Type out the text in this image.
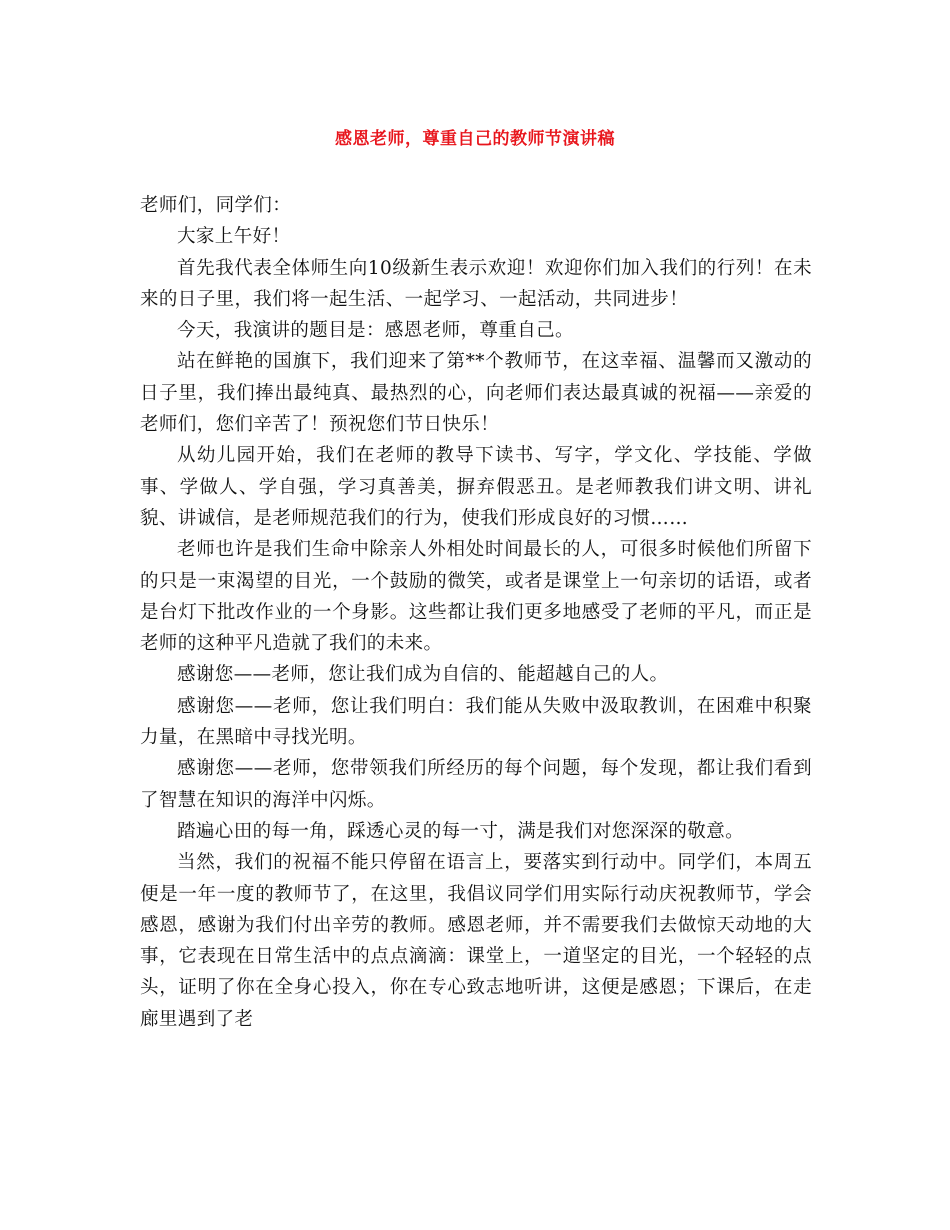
感恩老师，尊重自己的教师节演讲稿

老师们，同学们：

大家上午好！

首先我代表全体师生向10级新生表示欢迎！欢迎你们加入我们的行列！在未来的日子里，我们将一起生活、一起学习、一起活动，共同进步！

今天，我演讲的题目是：感恩老师，尊重自己。

站在鲜艳的国旗下，我们迎来了第**个教师节，在这幸福、温馨而又激动的日子里，我们捧出最纯真、最热烈的心，向老师们表达最真诚的祝福——亲爱的老师们，您们辛苦了！预祝您们节日快乐！

从幼儿园开始，我们在老师的教导下读书、写字，学文化、学技能、学做事、学做人、学自强，学习真善美，摒弃假恶丑。是老师教我们讲文明、讲礼貌、讲诚信，是老师规范我们的行为，使我们形成良好的习惯……

老师也许是我们生命中除亲人外相处时间最长的人，可很多时候他们所留下的只是一束渴望的目光，一个鼓励的微笑，或者是课堂上一句亲切的话语，或者是台灯下批改作业的一个身影。这些都让我们更多地感受了老师的平凡，而正是老师的这种平凡造就了我们的未来。

感谢您——老师，您让我们成为自信的、能超越自己的人。

感谢您——老师，您让我们明白：我们能从失败中汲取教训，在困难中积聚力量，在黑暗中寻找光明。

感谢您——老师，您带领我们所经历的每个问题，每个发现，都让我们看到了智慧在知识的海洋中闪烁。

踏遍心田的每一角，踩透心灵的每一寸，满是我们对您深深的敬意。

当然，我们的祝福不能只停留在语言上，要落实到行动中。同学们，本周五便是一年一度的教师节了，在这里，我倡议同学们用实际行动庆祝教师节，学会感恩，感谢为我们付出辛劳的教师。感恩老师，并不需要我们去做惊天动地的大事，它表现在日常生活中的点点滴滴：课堂上，一道坚定的目光，一个轻轻的点头，证明了你在全身心投入，你在专心致志地听讲，这便是感恩；下课后，在走廊里遇到了老
